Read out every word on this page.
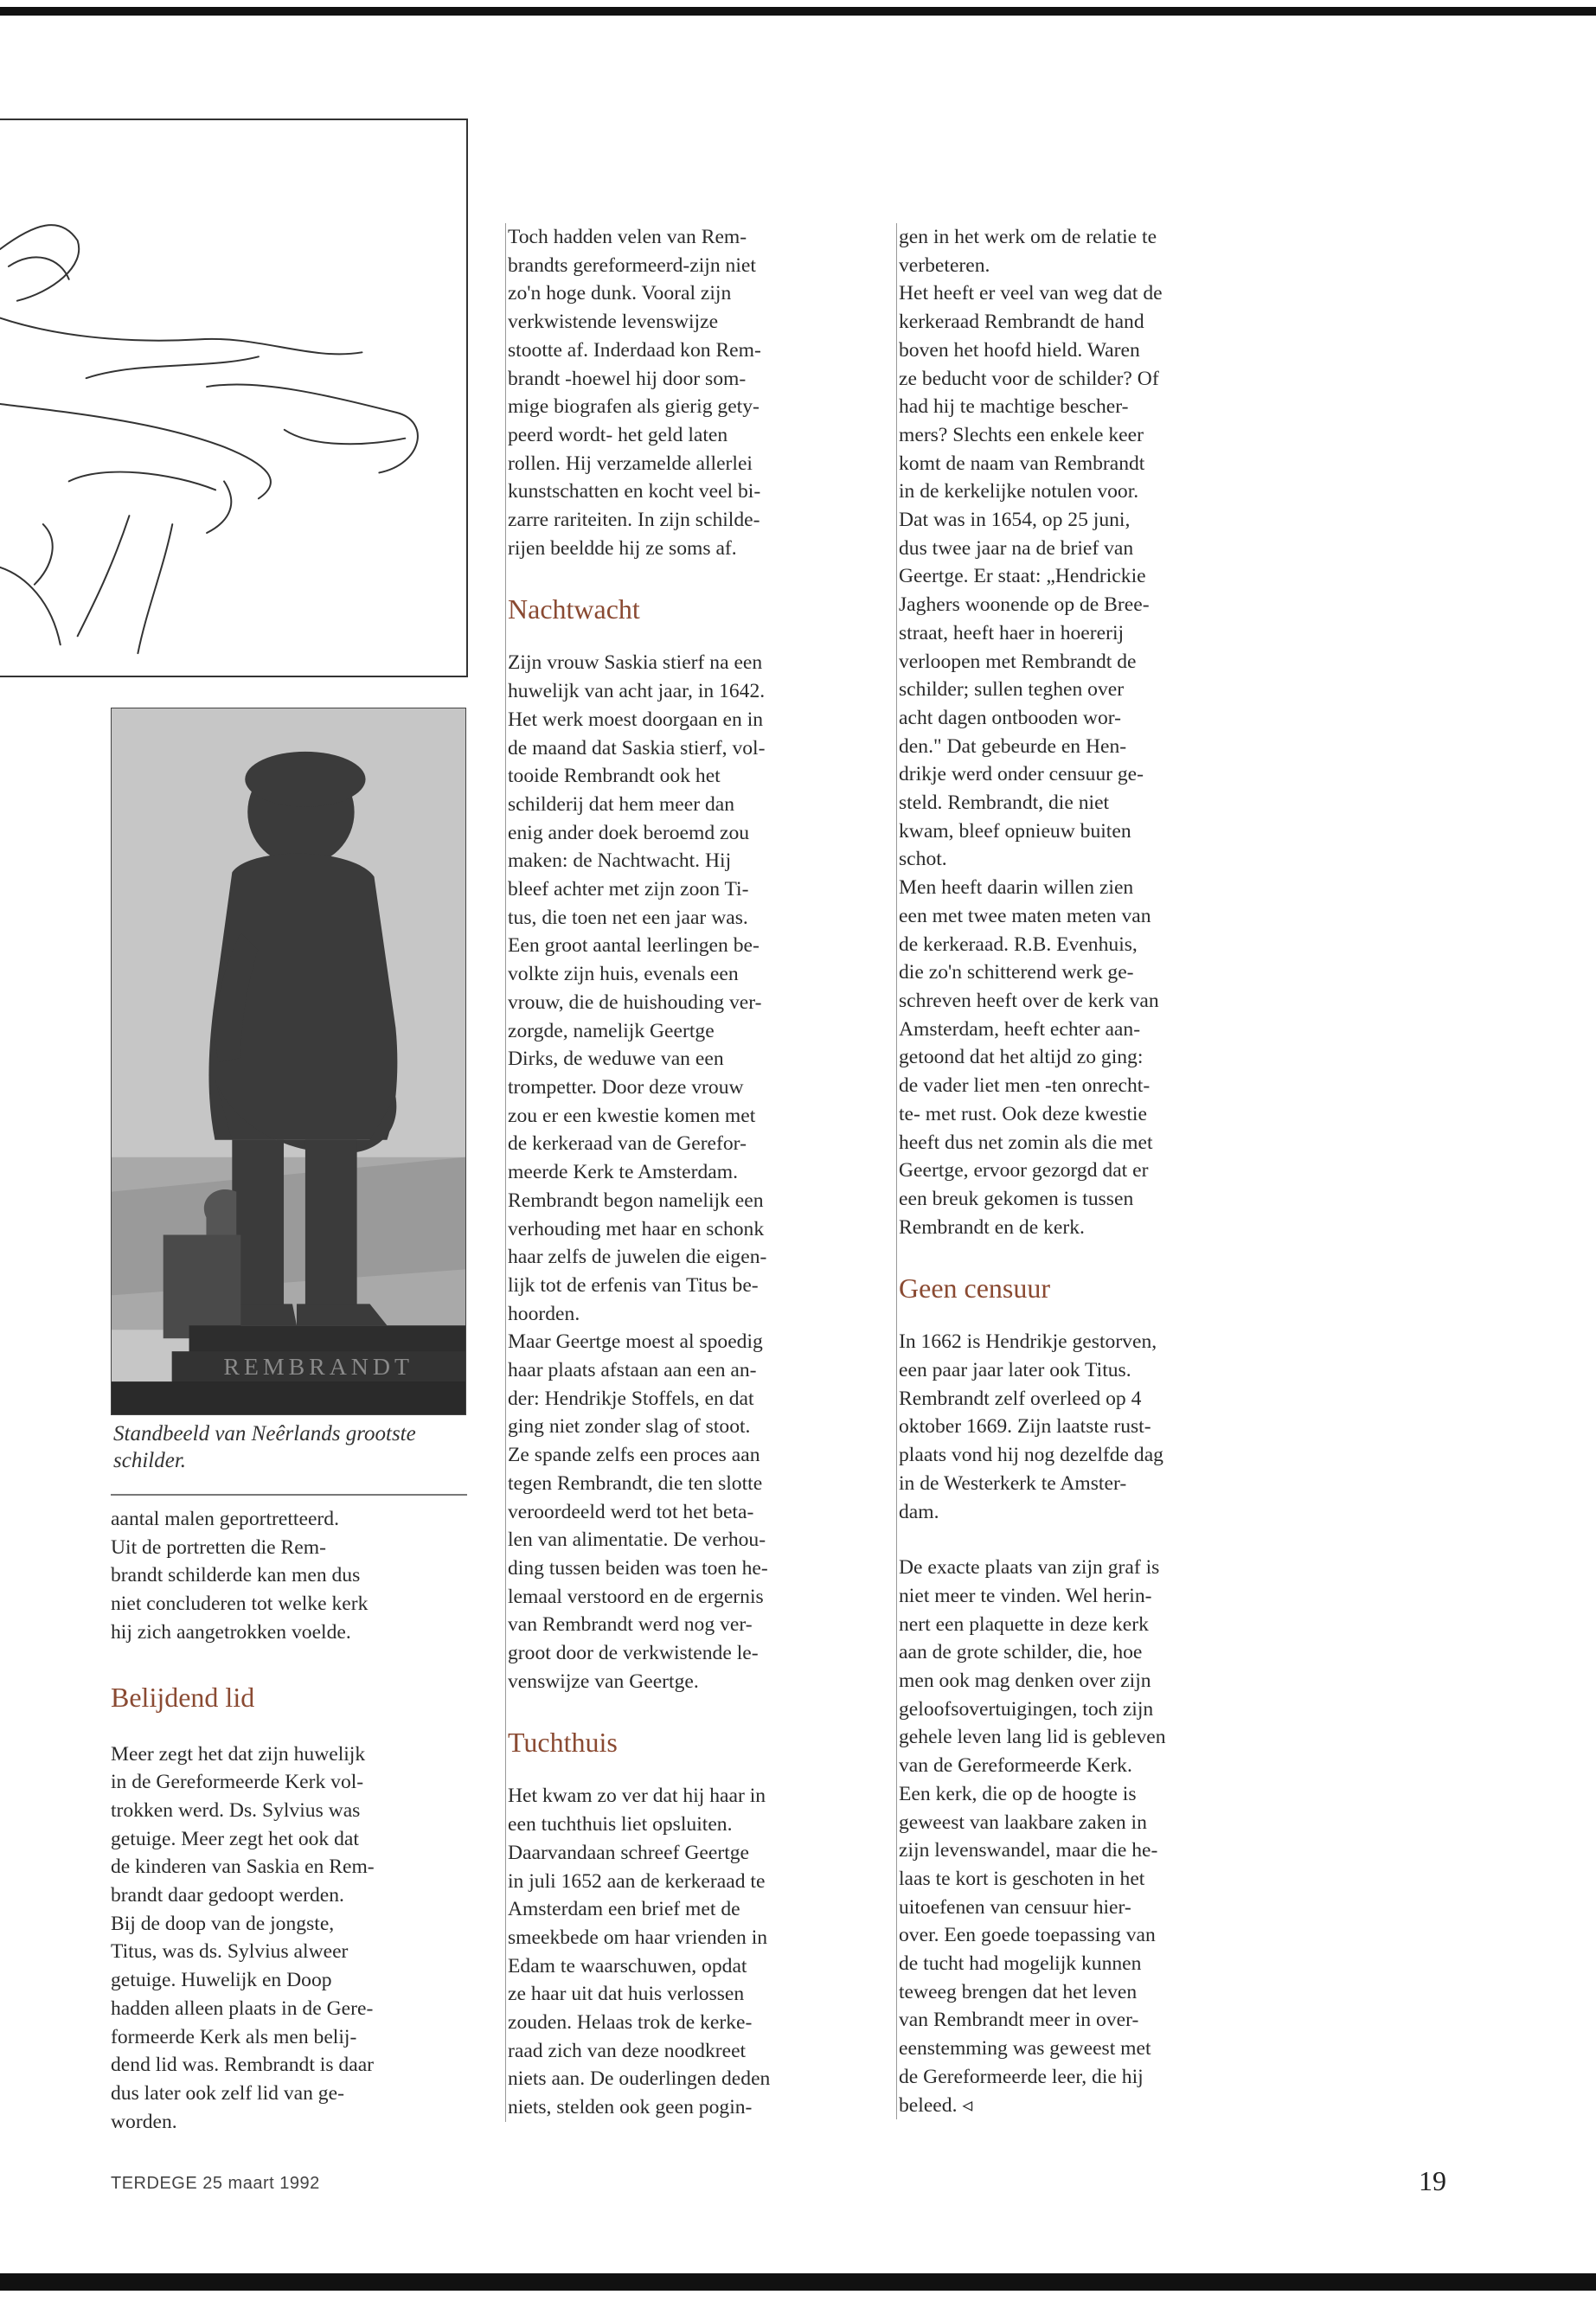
REMBRANDT
Standbeeld van Neêrlands grootste schilder.

aantal malen geportretteerd.
Uit de portretten die Rem-
brandt schilderde kan men dus
niet concluderen tot welke kerk
hij zich aangetrokken voelde.

Belijdend lid

Meer zegt het dat zijn huwelijk
in de Gereformeerde Kerk vol-
trokken werd. Ds. Sylvius was
getuige. Meer zegt het ook dat
de kinderen van Saskia en Rem-
brandt daar gedoopt werden.
Bij de doop van de jongste,
Titus, was ds. Sylvius alweer
getuige. Huwelijk en Doop
hadden alleen plaats in de Gere-
formeerde Kerk als men belij-
dend lid was. Rembrandt is daar
dus later ook zelf lid van ge-
worden.

Toch hadden velen van Rem-
brandts gereformeerd-zijn niet
zo'n hoge dunk. Vooral zijn
verkwistende levenswijze
stootte af. Inderdaad kon Rem-
brandt -hoewel hij door som-
mige biografen als gierig gety-
peerd wordt- het geld laten
rollen. Hij verzamelde allerlei
kunstschatten en kocht veel bi-
zarre rariteiten. In zijn schilde-
rijen beeldde hij ze soms af.

Nachtwacht

Zijn vrouw Saskia stierf na een
huwelijk van acht jaar, in 1642.
Het werk moest doorgaan en in
de maand dat Saskia stierf, vol-
tooide Rembrandt ook het
schilderij dat hem meer dan
enig ander doek beroemd zou
maken: de Nachtwacht. Hij
bleef achter met zijn zoon Ti-
tus, die toen net een jaar was.
Een groot aantal leerlingen be-
volkte zijn huis, evenals een
vrouw, die de huishouding ver-
zorgde, namelijk Geertge
Dirks, de weduwe van een
trompetter. Door deze vrouw
zou er een kwestie komen met
de kerkeraad van de Gerefor-
meerde Kerk te Amsterdam.
Rembrandt begon namelijk een
verhouding met haar en schonk
haar zelfs de juwelen die eigen-
lijk tot de erfenis van Titus be-
hoorden.
Maar Geertge moest al spoedig
haar plaats afstaan aan een an-
der: Hendrikje Stoffels, en dat
ging niet zonder slag of stoot.
Ze spande zelfs een proces aan
tegen Rembrandt, die ten slotte
veroordeeld werd tot het beta-
len van alimentatie. De verhou-
ding tussen beiden was toen he-
lemaal verstoord en de ergernis
van Rembrandt werd nog ver-
groot door de verkwistende le-
venswijze van Geertge.

Tuchthuis

Het kwam zo ver dat hij haar in
een tuchthuis liet opsluiten.
Daarvandaan schreef Geertge
in juli 1652 aan de kerkeraad te
Amsterdam een brief met de
smeekbede om haar vrienden in
Edam te waarschuwen, opdat
ze haar uit dat huis verlossen
zouden. Helaas trok de kerke-
raad zich van deze noodkreet
niets aan. De ouderlingen deden
niets, stelden ook geen pogin-

gen in het werk om de relatie te
verbeteren.
Het heeft er veel van weg dat de
kerkeraad Rembrandt de hand
boven het hoofd hield. Waren
ze beducht voor de schilder? Of
had hij te machtige bescher-
mers? Slechts een enkele keer
komt de naam van Rembrandt
in de kerkelijke notulen voor.
Dat was in 1654, op 25 juni,
dus twee jaar na de brief van
Geertge. Er staat: „Hendrickie
Jaghers woonende op de Bree-
straat, heeft haer in hoererij
verloopen met Rembrandt de
schilder; sullen teghen over
acht dagen ontbooden wor-
den." Dat gebeurde en Hen-
drikje werd onder censuur ge-
steld. Rembrandt, die niet
kwam, bleef opnieuw buiten
schot.
Men heeft daarin willen zien
een met twee maten meten van
de kerkeraad. R.B. Evenhuis,
die zo'n schitterend werk ge-
schreven heeft over de kerk van
Amsterdam, heeft echter aan-
getoond dat het altijd zo ging:
de vader liet men -ten onrecht-
te- met rust. Ook deze kwestie
heeft dus net zomin als die met
Geertge, ervoor gezorgd dat er
een breuk gekomen is tussen
Rembrandt en de kerk.

Geen censuur

In 1662 is Hendrikje gestorven,
een paar jaar later ook Titus.
Rembrandt zelf overleed op 4
oktober 1669. Zijn laatste rust-
plaats vond hij nog dezelfde dag
in de Westerkerk te Amster-
dam.

De exacte plaats van zijn graf is
niet meer te vinden. Wel herin-
nert een plaquette in deze kerk
aan de grote schilder, die, hoe
men ook mag denken over zijn
geloofsovertuigingen, toch zijn
gehele leven lang lid is gebleven
van de Gereformeerde Kerk.
Een kerk, die op de hoogte is
geweest van laakbare zaken in
zijn levenswandel, maar die he-
laas te kort is geschoten in het
uitoefenen van censuur hier-
over. Een goede toepassing van
de tucht had mogelijk kunnen
teweeg brengen dat het leven
van Rembrandt meer in over-
eenstemming was geweest met
de Gereformeerde leer, die hij
beleed. ◃

TERDEGE 25 maart 1992	19
